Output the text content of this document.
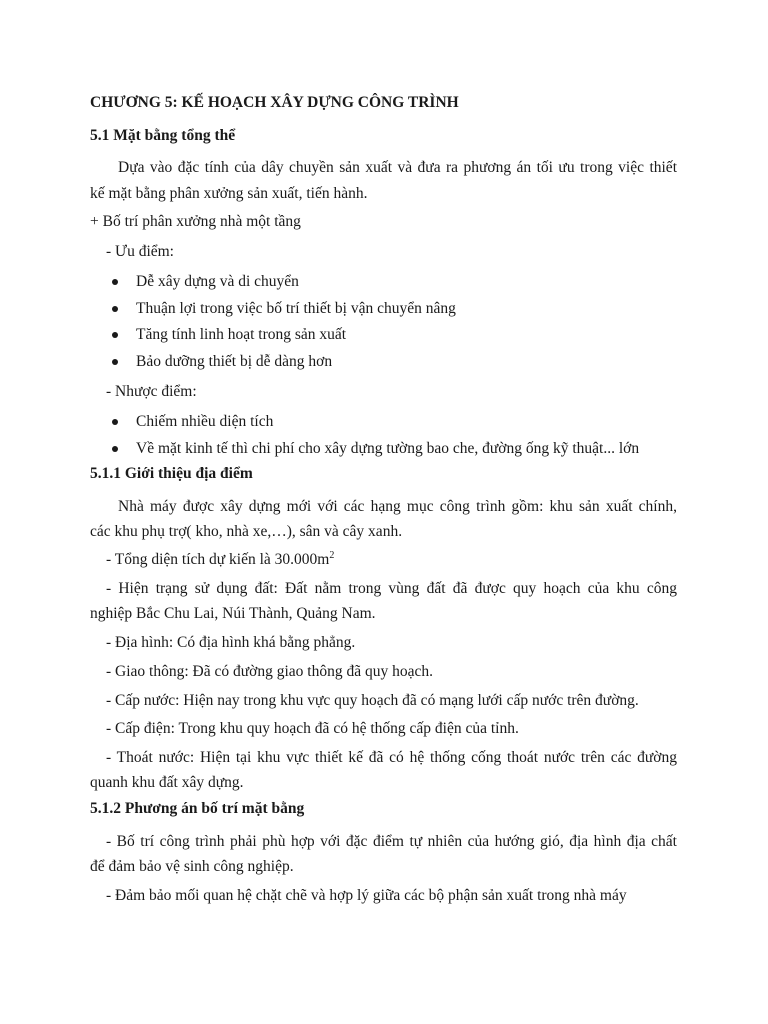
CHƯƠNG 5: KẾ HOẠCH XÂY DỰNG CÔNG TRÌNH
5.1 Mặt bằng tổng thể
Dựa vào đặc tính của dây chuyền sản xuất và đưa ra phương án tối ưu trong việc thiết
kế mặt bằng phân xưởng sản xuất, tiến hành.
+ Bố trí phân xưởng nhà một tầng
- Ưu điểm:
Dễ xây dựng và di chuyển
Thuận lợi trong việc bố trí thiết bị vận chuyển nâng
Tăng tính linh hoạt trong sản xuất
Bảo dưỡng thiết bị dễ dàng hơn
- Nhược điểm:
Chiếm nhiều diện tích
Về mặt kinh tế thì chi phí cho xây dựng tường bao che, đường ống kỹ thuật... lớn
5.1.1 Giới thiệu địa điểm
Nhà máy được xây dựng mới với các hạng mục công trình gồm: khu sản xuất chính,
các khu phụ trợ( kho, nhà xe,…), sân và cây xanh.
- Tổng diện tích dự kiến là $30.000m^2$
- Hiện trạng sử dụng đất: Đất nằm trong vùng đất đã được quy hoạch của khu công
nghiệp Bắc Chu Lai, Núi Thành, Quảng Nam.
- Địa hình: Có địa hình khá bằng phẳng.
- Giao thông: Đã có đường giao thông đã quy hoạch.
- Cấp nước: Hiện nay trong khu vực quy hoạch đã có mạng lưới cấp nước trên đường.
- Cấp điện: Trong khu quy hoạch đã có hệ thống cấp điện của tỉnh.
- Thoát nước: Hiện tại khu vực thiết kế đã có hệ thống cống thoát nước trên các đường
quanh khu đất xây dựng.
5.1.2 Phương án bố trí mặt bằng
- Bố trí công trình phải phù hợp với đặc điểm tự nhiên của hướng gió, địa hình địa chất
để đảm bảo vệ sinh công nghiệp.
- Đảm bảo mối quan hệ chặt chẽ và hợp lý giữa các bộ phận sản xuất trong nhà máy
